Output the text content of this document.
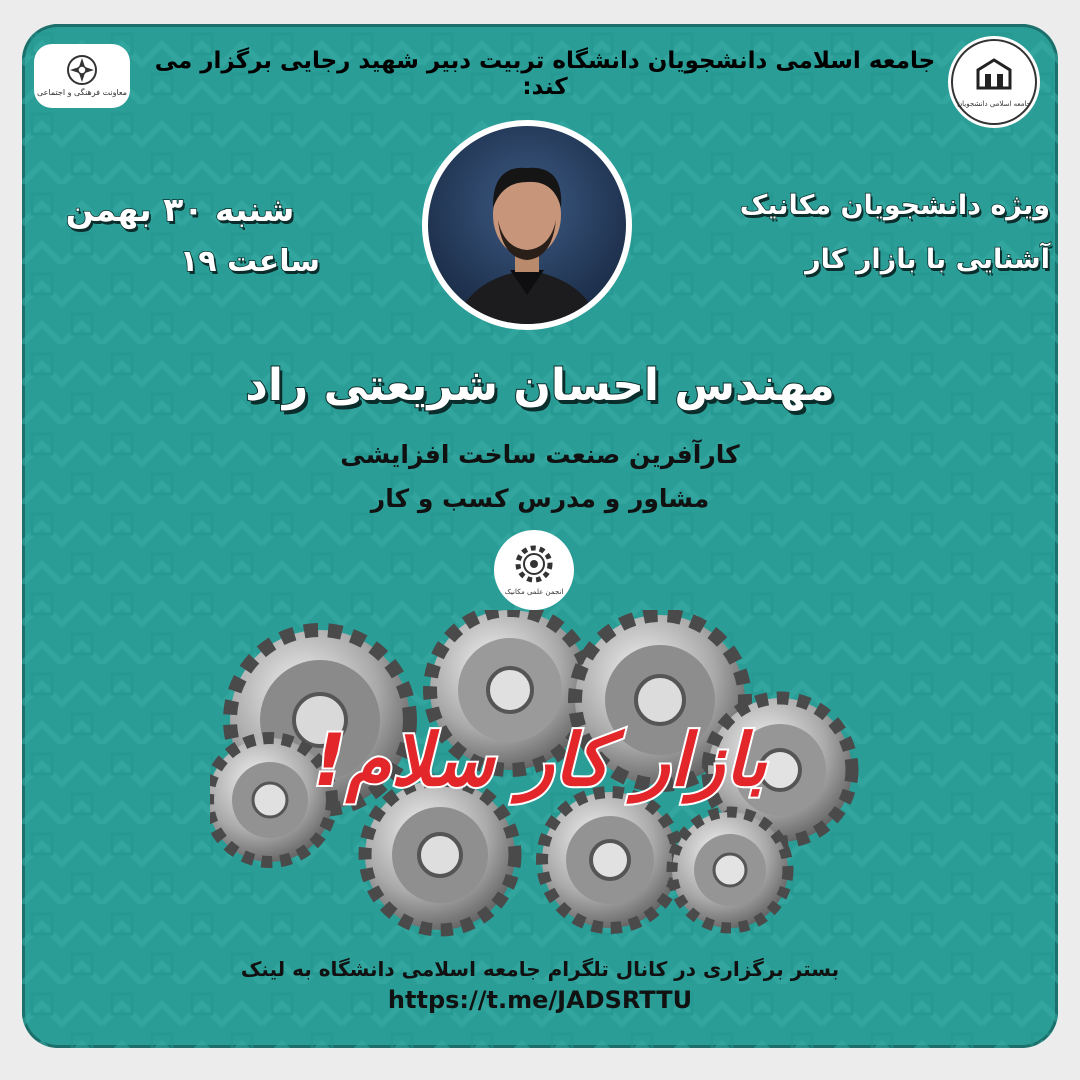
جامعه اسلامی دانشجویان دانشگاه تربیت دبیر شهید رجایی برگزار می کند:
معاونت فرهنگی و اجتماعی
جامعه اسلامی دانشجویان
شنبه ۳۰ بهمن
ساعت ۱۹
ویژه دانشجویان مکانیک
آشنایی با بازار کار
مهندس احسان شریعتی راد
کارآفرین صنعت ساخت افزایشی
مشاور و مدرس کسب و کار
انجمن علمی مکانیک
بازار کار سلام!
بستر برگزاری در کانال تلگرام جامعه اسلامی دانشگاه به لینک
https://t.me/JADSRTTU
